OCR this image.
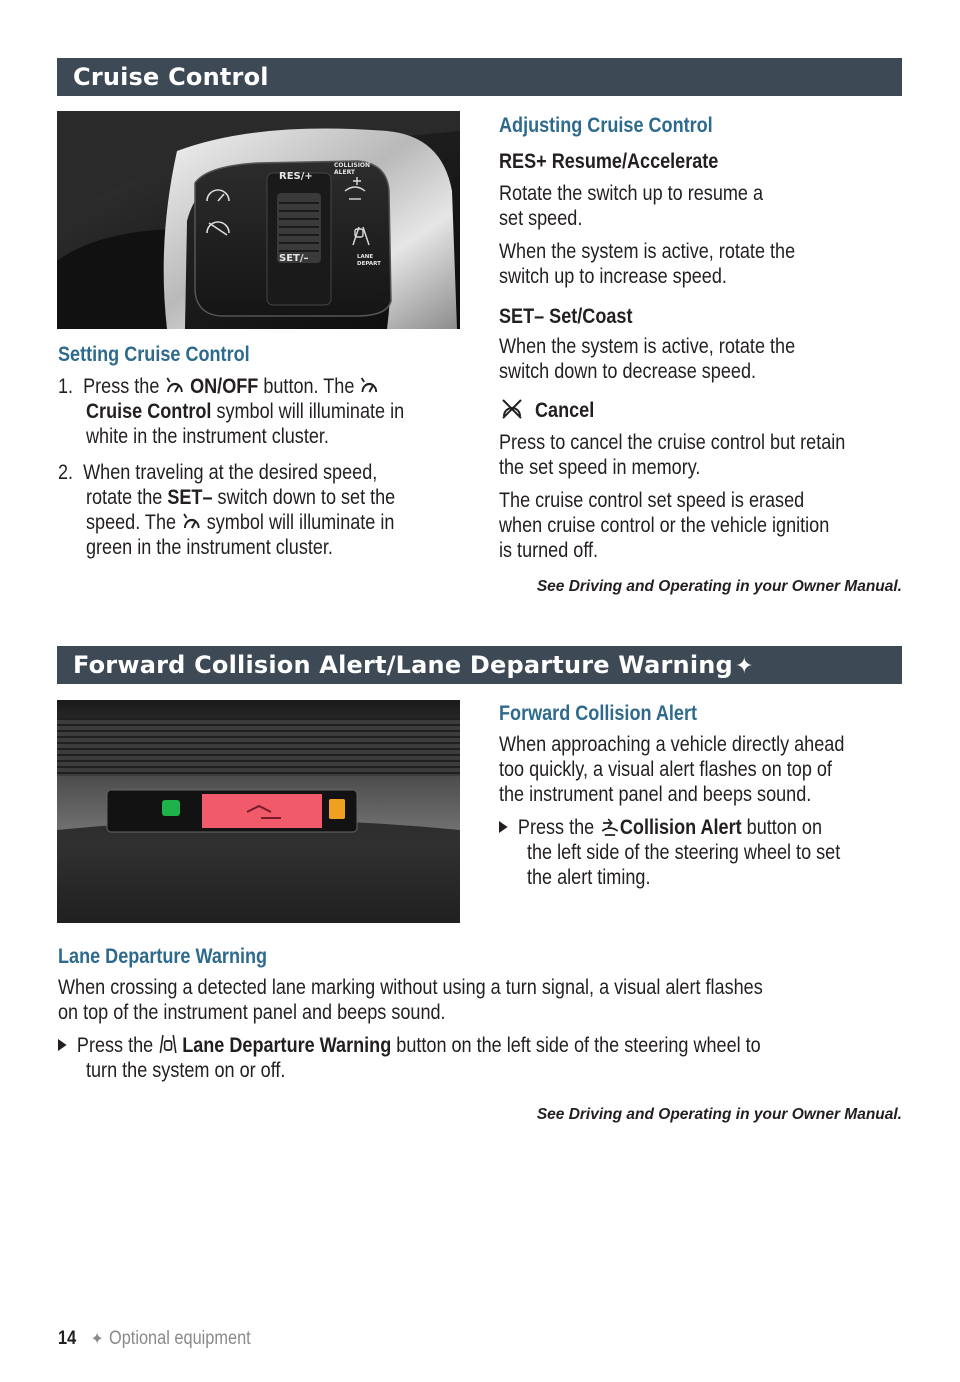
Cruise Control
RES/+
SET/–
COLLISION
ALERT
LANE
DEPART
Setting Cruise Control
1. Press the ON/OFF button. The
Cruise Control symbol will illuminate in
white in the instrument cluster.
2. When traveling at the desired speed,
rotate the SET– switch down to set the
speed. The symbol will illuminate in
green in the instrument cluster.
Adjusting Cruise Control
RES+ Resume/Accelerate
Rotate the switch up to resume a
set speed.
When the system is active, rotate the
switch up to increase speed.
SET– Set/Coast
When the system is active, rotate the
switch down to decrease speed.
Cancel
Press to cancel the cruise control but retain
the set speed in memory.
The cruise control set speed is erased
when cruise control or the vehicle ignition
is turned off.
See Driving and Operating in your Owner Manual.
Forward Collision Alert/Lane Departure Warning✦
Forward Collision Alert
When approaching a vehicle directly ahead
too quickly, a visual alert flashes on top of
the instrument panel and beeps sound.
Press the Collision Alert button on
the left side of the steering wheel to set
the alert timing.
Lane Departure Warning
When crossing a detected lane marking without using a turn signal, a visual alert flashes
on top of the instrument panel and beeps sound.
Press the Lane Departure Warning button on the left side of the steering wheel to
turn the system on or off.
See Driving and Operating in your Owner Manual.
14 ✦ Optional equipment
